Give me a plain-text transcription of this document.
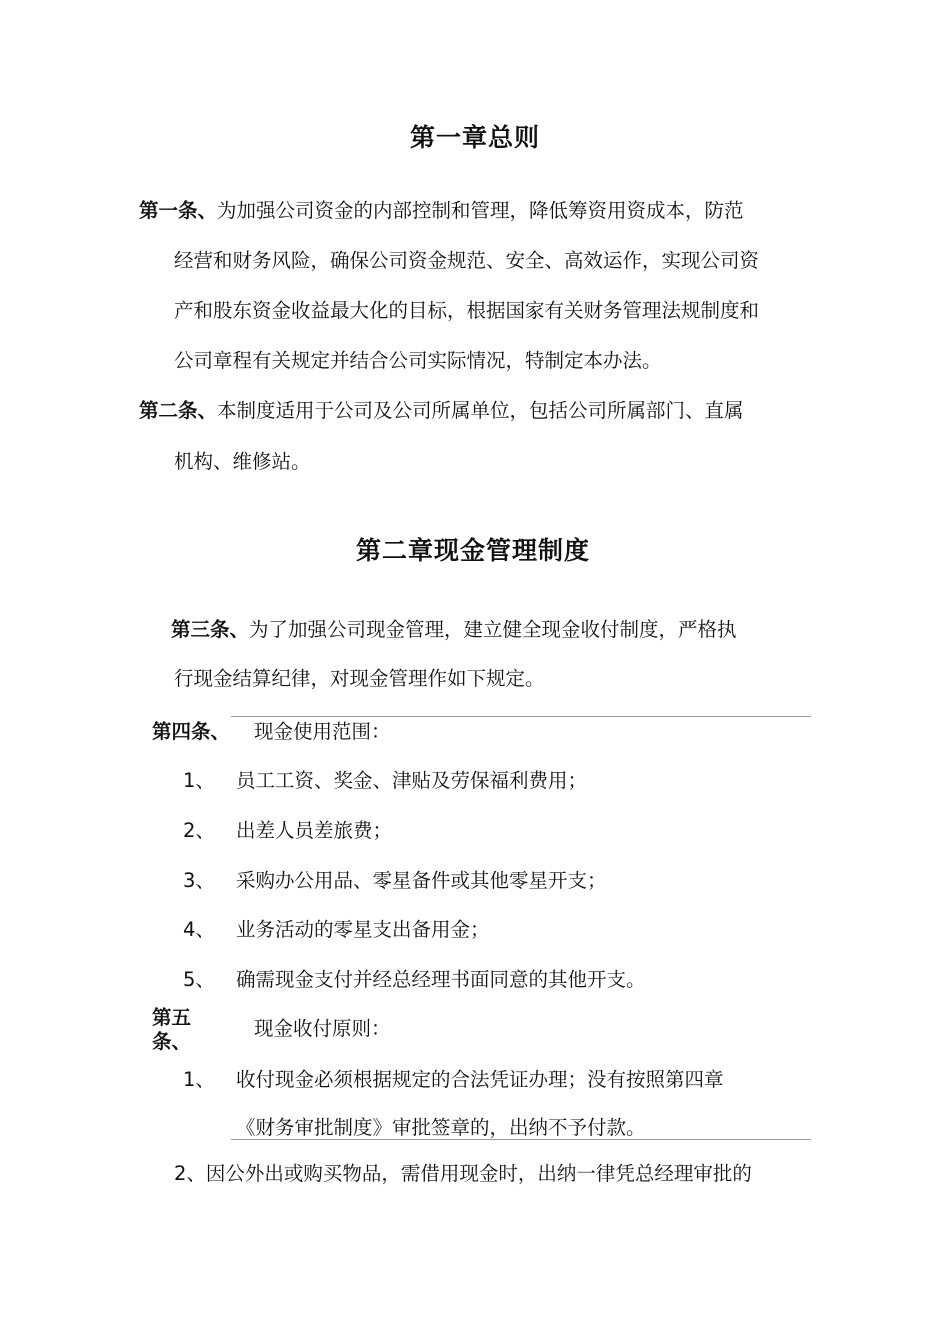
第一章总则
第一条、为加强公司资金的内部控制和管理，降低筹资用资成本，防范
经营和财务风险，确保公司资金规范、安全、高效运作，实现公司资
产和股东资金收益最大化的目标，根据国家有关财务管理法规制度和
公司章程有关规定并结合公司实际情况，特制定本办法。
第二条、本制度适用于公司及公司所属单位，包括公司所属部门、直属
机构、维修站。
第二章现金管理制度
第三条、为了加强公司现金管理，建立健全现金收付制度，严格执
行现金结算纪律，对现金管理作如下规定。
第四条、 现金使用范围：
1、 员工工资、奖金、津贴及劳保福利费用；
2、 出差人员差旅费；
3、 采购办公用品、零星备件或其他零星开支；
4、 业务活动的零星支出备用金；
5、 确需现金支付并经总经理书面同意的其他开支。
第五
条、
现金收付原则：
1、 收付现金必须根据规定的合法凭证办理；没有按照第四章
《财务审批制度》审批签章的，出纳不予付款。
2、因公外出或购买物品，需借用现金时，出纳一律凭总经理审批的
